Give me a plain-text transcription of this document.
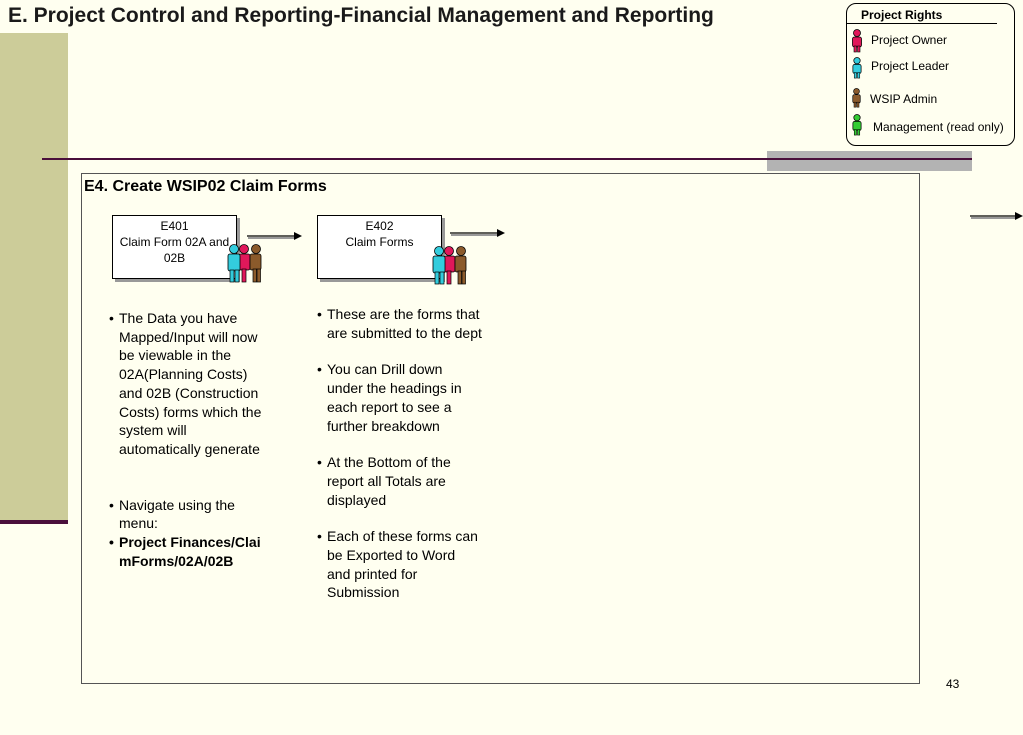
E. Project Control and Reporting-Financial Management and Reporting	Project Rights
Project Owner
Project Leader
WSIP Admin
Management (read only)
E4. Create WSIP02 Claim Forms
E401
Claim Form 02A and 02B
E402
Claim Forms
• The Data you have Mapped/Input will now be viewable in the 02A(Planning Costs) and 02B (Construction Costs) forms which the system will automatically generate
• Navigate using the menu:
• Project Finances/ClaimForms/02A/02B
• These are the forms that are submitted to the dept
• You can Drill down under the headings in each report to see a further breakdown
• At the Bottom of the report all Totals are displayed
• Each of these forms can be Exported to Word and printed for Submission
43
